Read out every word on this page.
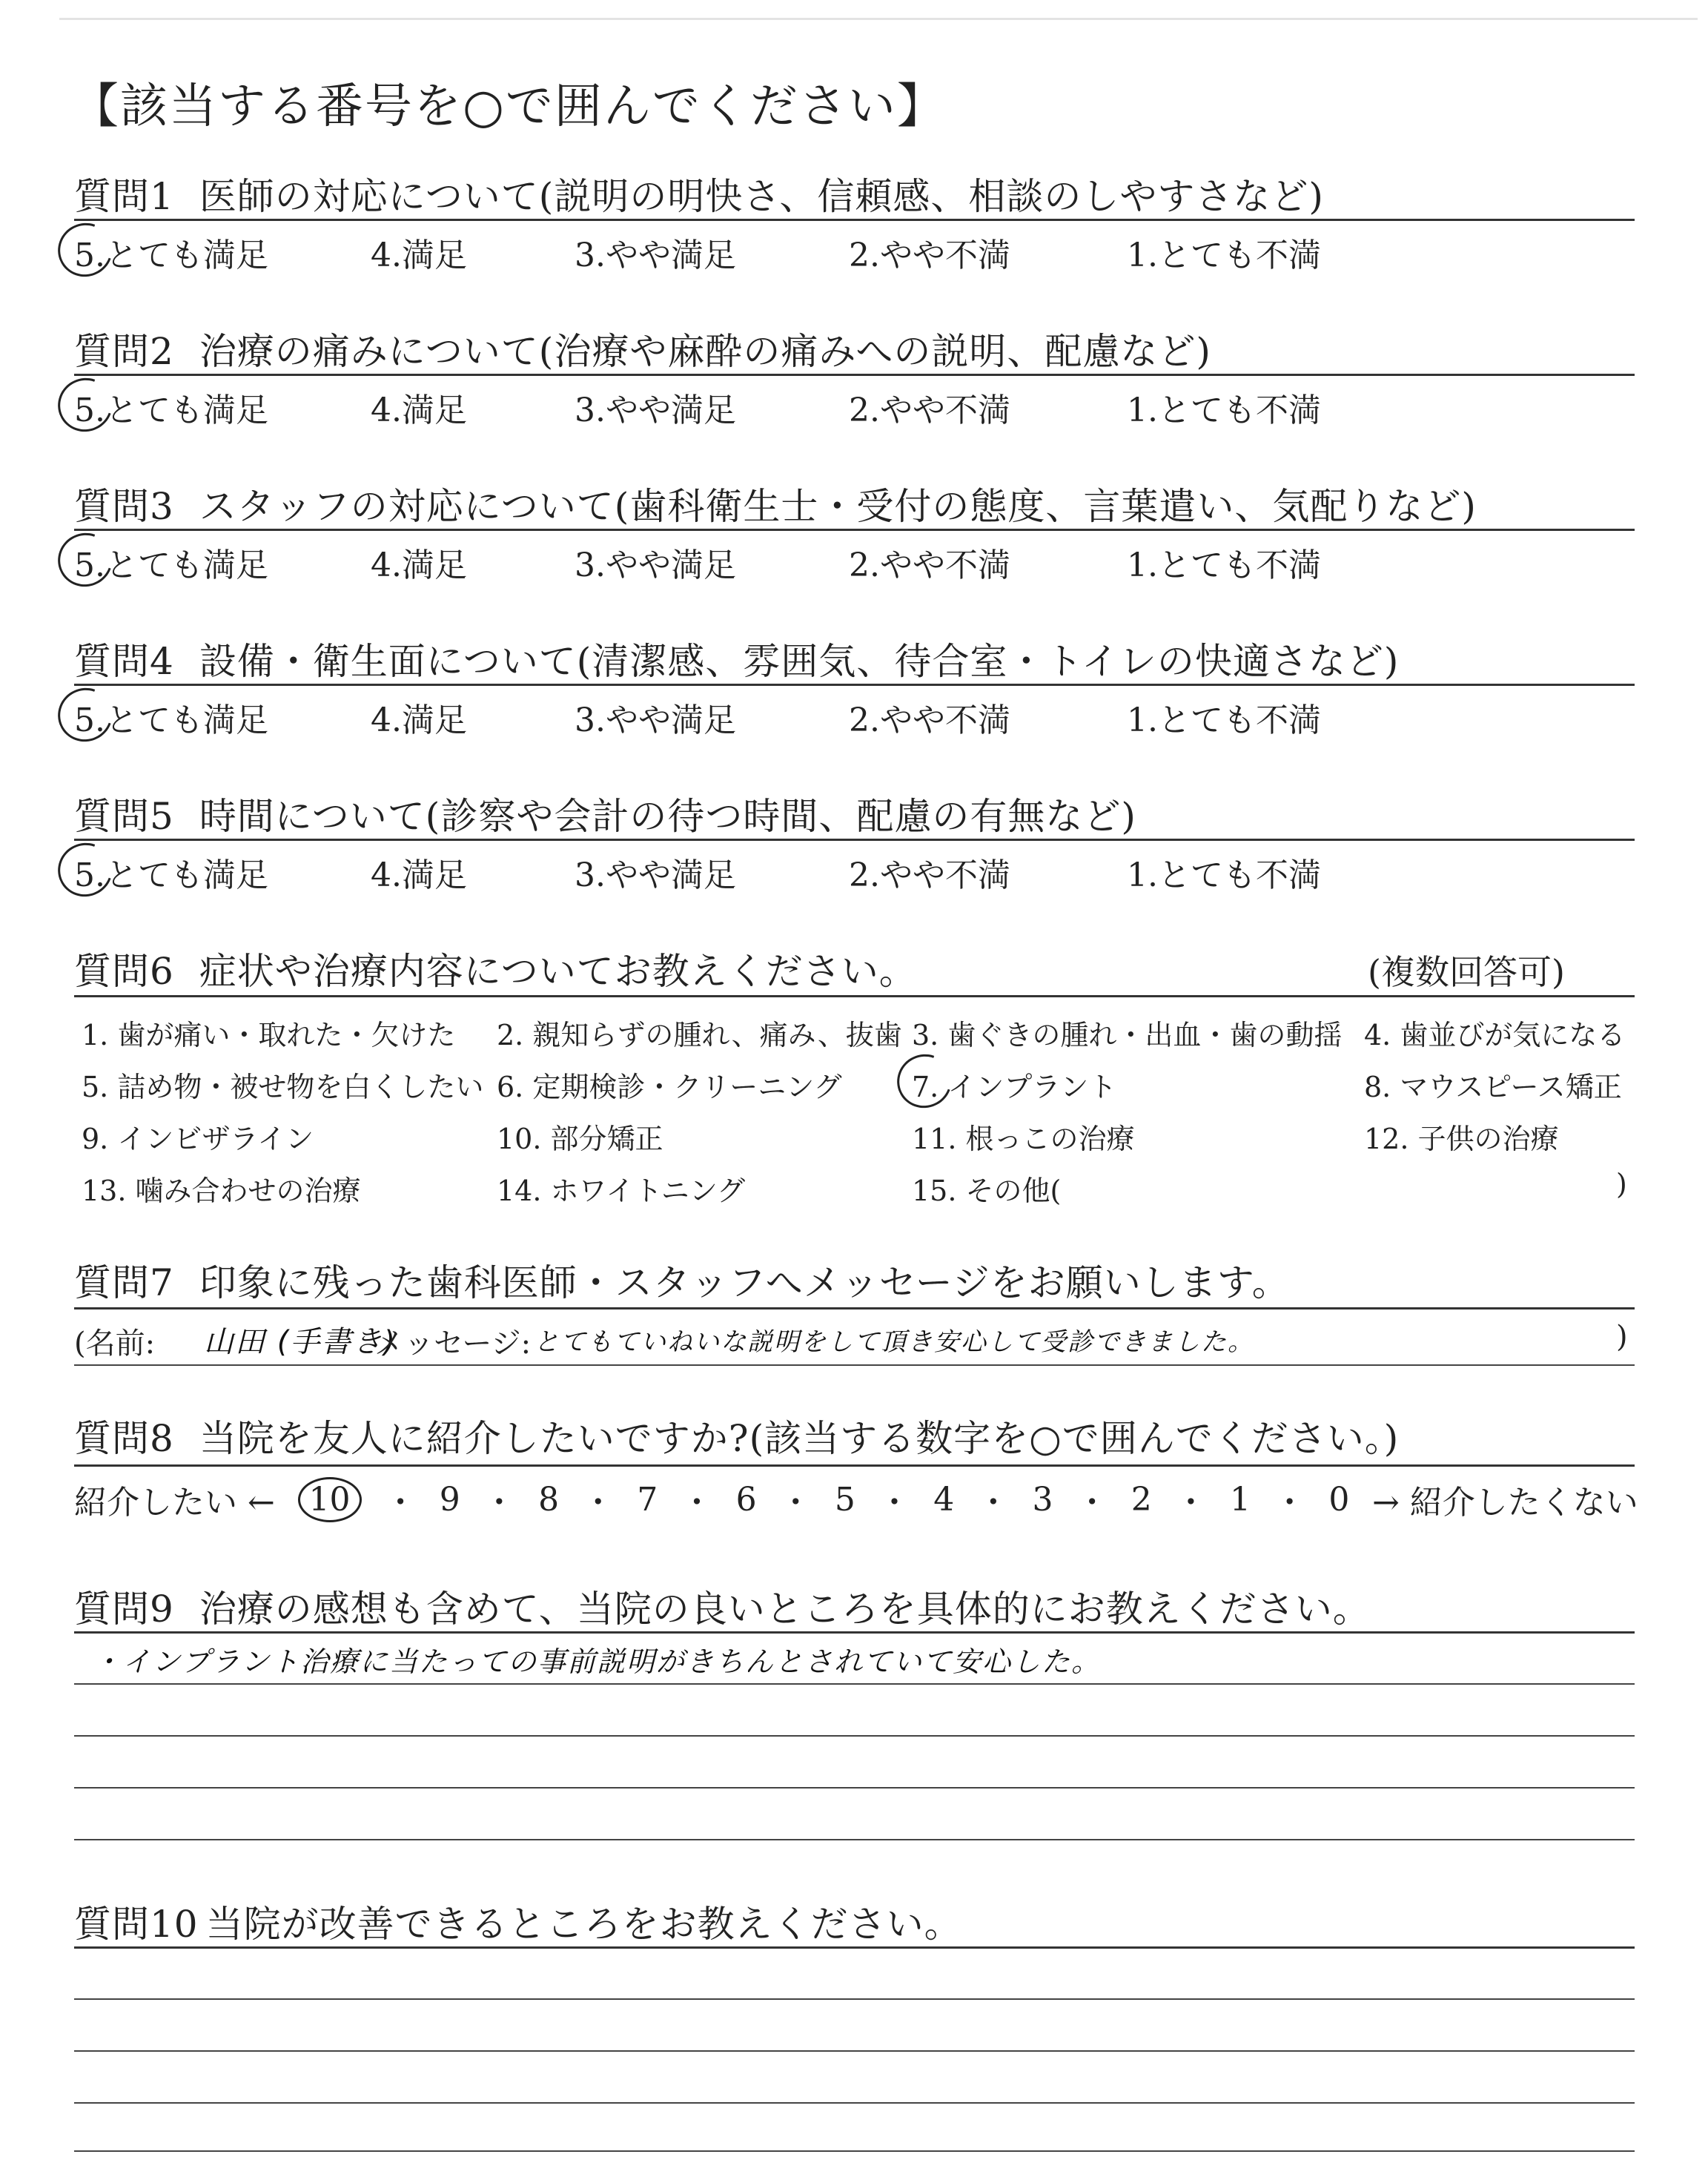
【該当する番号を○で囲んでください】
質問1 医師の対応について(説明の明快さ、信頼感、相談のしやすさなど)
5.とても満足	4.満足	3.やや満足	2.やや不満	1.とても不満
質問2 治療の痛みについて(治療や麻酔の痛みへの説明、配慮など)
5.とても満足	4.満足	3.やや満足	2.やや不満	1.とても不満
質問3 スタッフの対応について(歯科衛生士・受付の態度、言葉遣い、気配りなど)
5.とても満足	4.満足	3.やや満足	2.やや不満	1.とても不満
質問4 設備・衛生面について(清潔感、雰囲気、待合室・トイレの快適さなど)
5.とても満足	4.満足	3.やや満足	2.やや不満	1.とても不満
質問5 時間について(診察や会計の待つ時間、配慮の有無など)
5.とても満足	4.満足	3.やや満足	2.やや不満	1.とても不満
質問6 症状や治療内容についてお教えください。	(複数回答可)
1. 歯が痛い・取れた・欠けた 2. 親知らずの腫れ、痛み、抜歯 3. 歯ぐきの腫れ・出血・歯の動揺 4. 歯並びが気になる
5. 詰め物・被せ物を白くしたい 6. 定期検診・クリーニング 7. インプラント	8. マウスピース矯正
9. インビザライン	10. 部分矯正	11. 根っこの治療	12. 子供の治療
13. 噛み合わせの治療	14. ホワイトニング	15. その他(	)
質問7 印象に残った歯科医師・スタッフへメッセージをお願いします。
(名前: 山田 (手書き)
メッセージ: とてもていねいな説明をして頂き安心して受診できました。	)
質問8 当院を友人に紹介したいですか?(該当する数字を○で囲んでください。)
紹介したい ←	10	・ 9 ・ 8 ・ 7 ・ 6 ・ 5 ・ 4 ・ 3 ・ 2 ・ 1 ・ 0 → 紹介したくない
質問9 治療の感想も含めて、当院の良いところを具体的にお教えください。
・インプラント治療に当たっての事前説明がきちんとされていて安心した。
質問10 当院が改善できるところをお教えください。
